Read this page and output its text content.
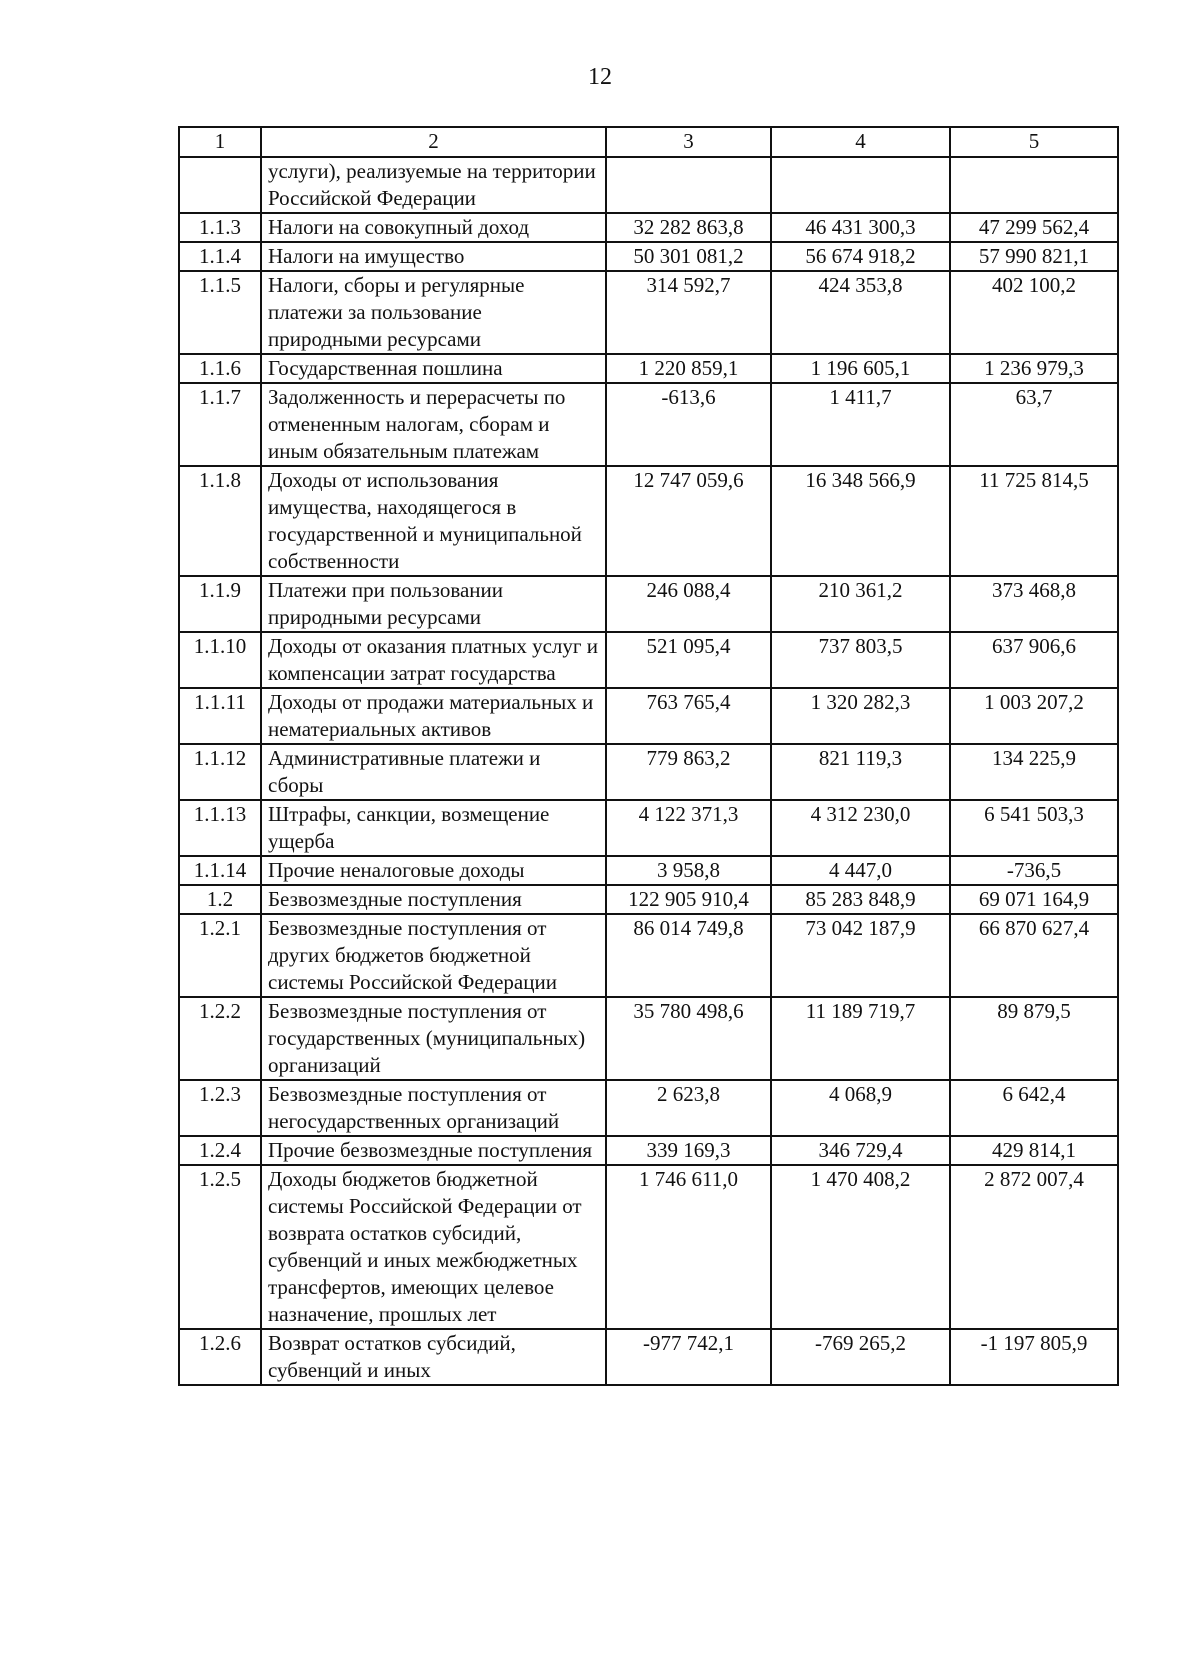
12
1	2	3	4	5
	услуги), реализуемые на территории Российской Федерации			
1.1.3	Налоги на совокупный доход	32 282 863,8	46 431 300,3	47 299 562,4
1.1.4	Налоги на имущество	50 301 081,2	56 674 918,2	57 990 821,1
1.1.5	Налоги, сборы и регулярные платежи за пользование природными ресурсами	314 592,7	424 353,8	402 100,2
1.1.6	Государственная пошлина	1 220 859,1	1 196 605,1	1 236 979,3
1.1.7	Задолженность и перерасчеты по отмененным налогам, сборам и иным обязательным платежам	-613,6	1 411,7	63,7
1.1.8	Доходы от использования имущества, находящегося в государственной и муниципальной собственности	12 747 059,6	16 348 566,9	11 725 814,5
1.1.9	Платежи при пользовании природными ресурсами	246 088,4	210 361,2	373 468,8
1.1.10	Доходы от оказания платных услуг и компенсации затрат государства	521 095,4	737 803,5	637 906,6
1.1.11	Доходы от продажи материальных и нематериальных активов	763 765,4	1 320 282,3	1 003 207,2
1.1.12	Административные платежи и сборы	779 863,2	821 119,3	134 225,9
1.1.13	Штрафы, санкции, возмещение ущерба	4 122 371,3	4 312 230,0	6 541 503,3
1.1.14	Прочие неналоговые доходы	3 958,8	4 447,0	-736,5
1.2	Безвозмездные поступления	122 905 910,4	85 283 848,9	69 071 164,9
1.2.1	Безвозмездные поступления от других бюджетов бюджетной системы Российской Федерации	86 014 749,8	73 042 187,9	66 870 627,4
1.2.2	Безвозмездные поступления от государственных (муниципальных) организаций	35 780 498,6	11 189 719,7	89 879,5
1.2.3	Безвозмездные поступления от негосударственных организаций	2 623,8	4 068,9	6 642,4
1.2.4	Прочие безвозмездные поступления	339 169,3	346 729,4	429 814,1
1.2.5	Доходы бюджетов бюджетной системы Российской Федерации от возврата остатков субсидий, субвенций и иных межбюджетных трансфертов, имеющих целевое назначение, прошлых лет	1 746 611,0	1 470 408,2	2 872 007,4
1.2.6	Возврат остатков субсидий, субвенций и иных	-977 742,1	-769 265,2	-1 197 805,9
